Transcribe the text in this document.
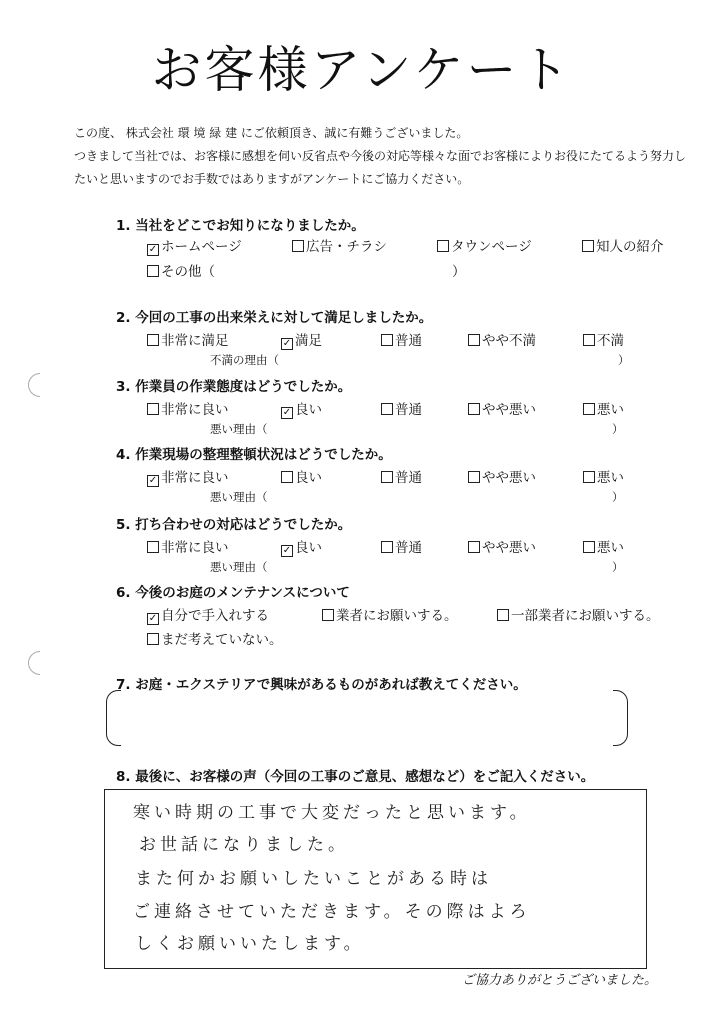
お客様アンケート
この度、 株式会社 環 境 緑 建 にご依頼頂き、誠に有難うございました。
つきまして当社では、お客様に感想を伺い反省点や今後の対応等様々な面でお客様によりお役にたてるよう努力し
たいと思いますのでお手数ではありますがアンケートにご協力ください。
1. 当社をどこでお知りになりましたか。
✓ ホームページ	広告・チラシ	タウンページ	知人の紹介
その他（	）
2. 今回の工事の出来栄えに対して満足しましたか。
非常に満足	✓ 満足	普通	やや不満	不満
不満の理由（	）
3. 作業員の作業態度はどうでしたか。
非常に良い	✓ 良い	普通	やや悪い	悪い
悪い理由（	）
4. 作業現場の整理整頓状況はどうでしたか。
✓ 非常に良い	良い	普通	やや悪い	悪い
悪い理由（	）
5. 打ち合わせの対応はどうでしたか。
非常に良い	✓ 良い	普通	やや悪い	悪い
悪い理由（	）
6. 今後のお庭のメンテナンスについて
✓ 自分で手入れする	業者にお願いする。	一部業者にお願いする。
まだ考えていない。
7. お庭・エクステリアで興味があるものがあれば教えてください。
8. 最後に、お客様の声（今回の工事のご意見、感想など）をご記入ください。
寒い時期の工事で大変だったと思います。
お世話になりました。
また何かお願いしたいことがある時は
ご連絡させていただきます。その際はよろ
しくお願いいたします。
ご協力ありがとうございました。
